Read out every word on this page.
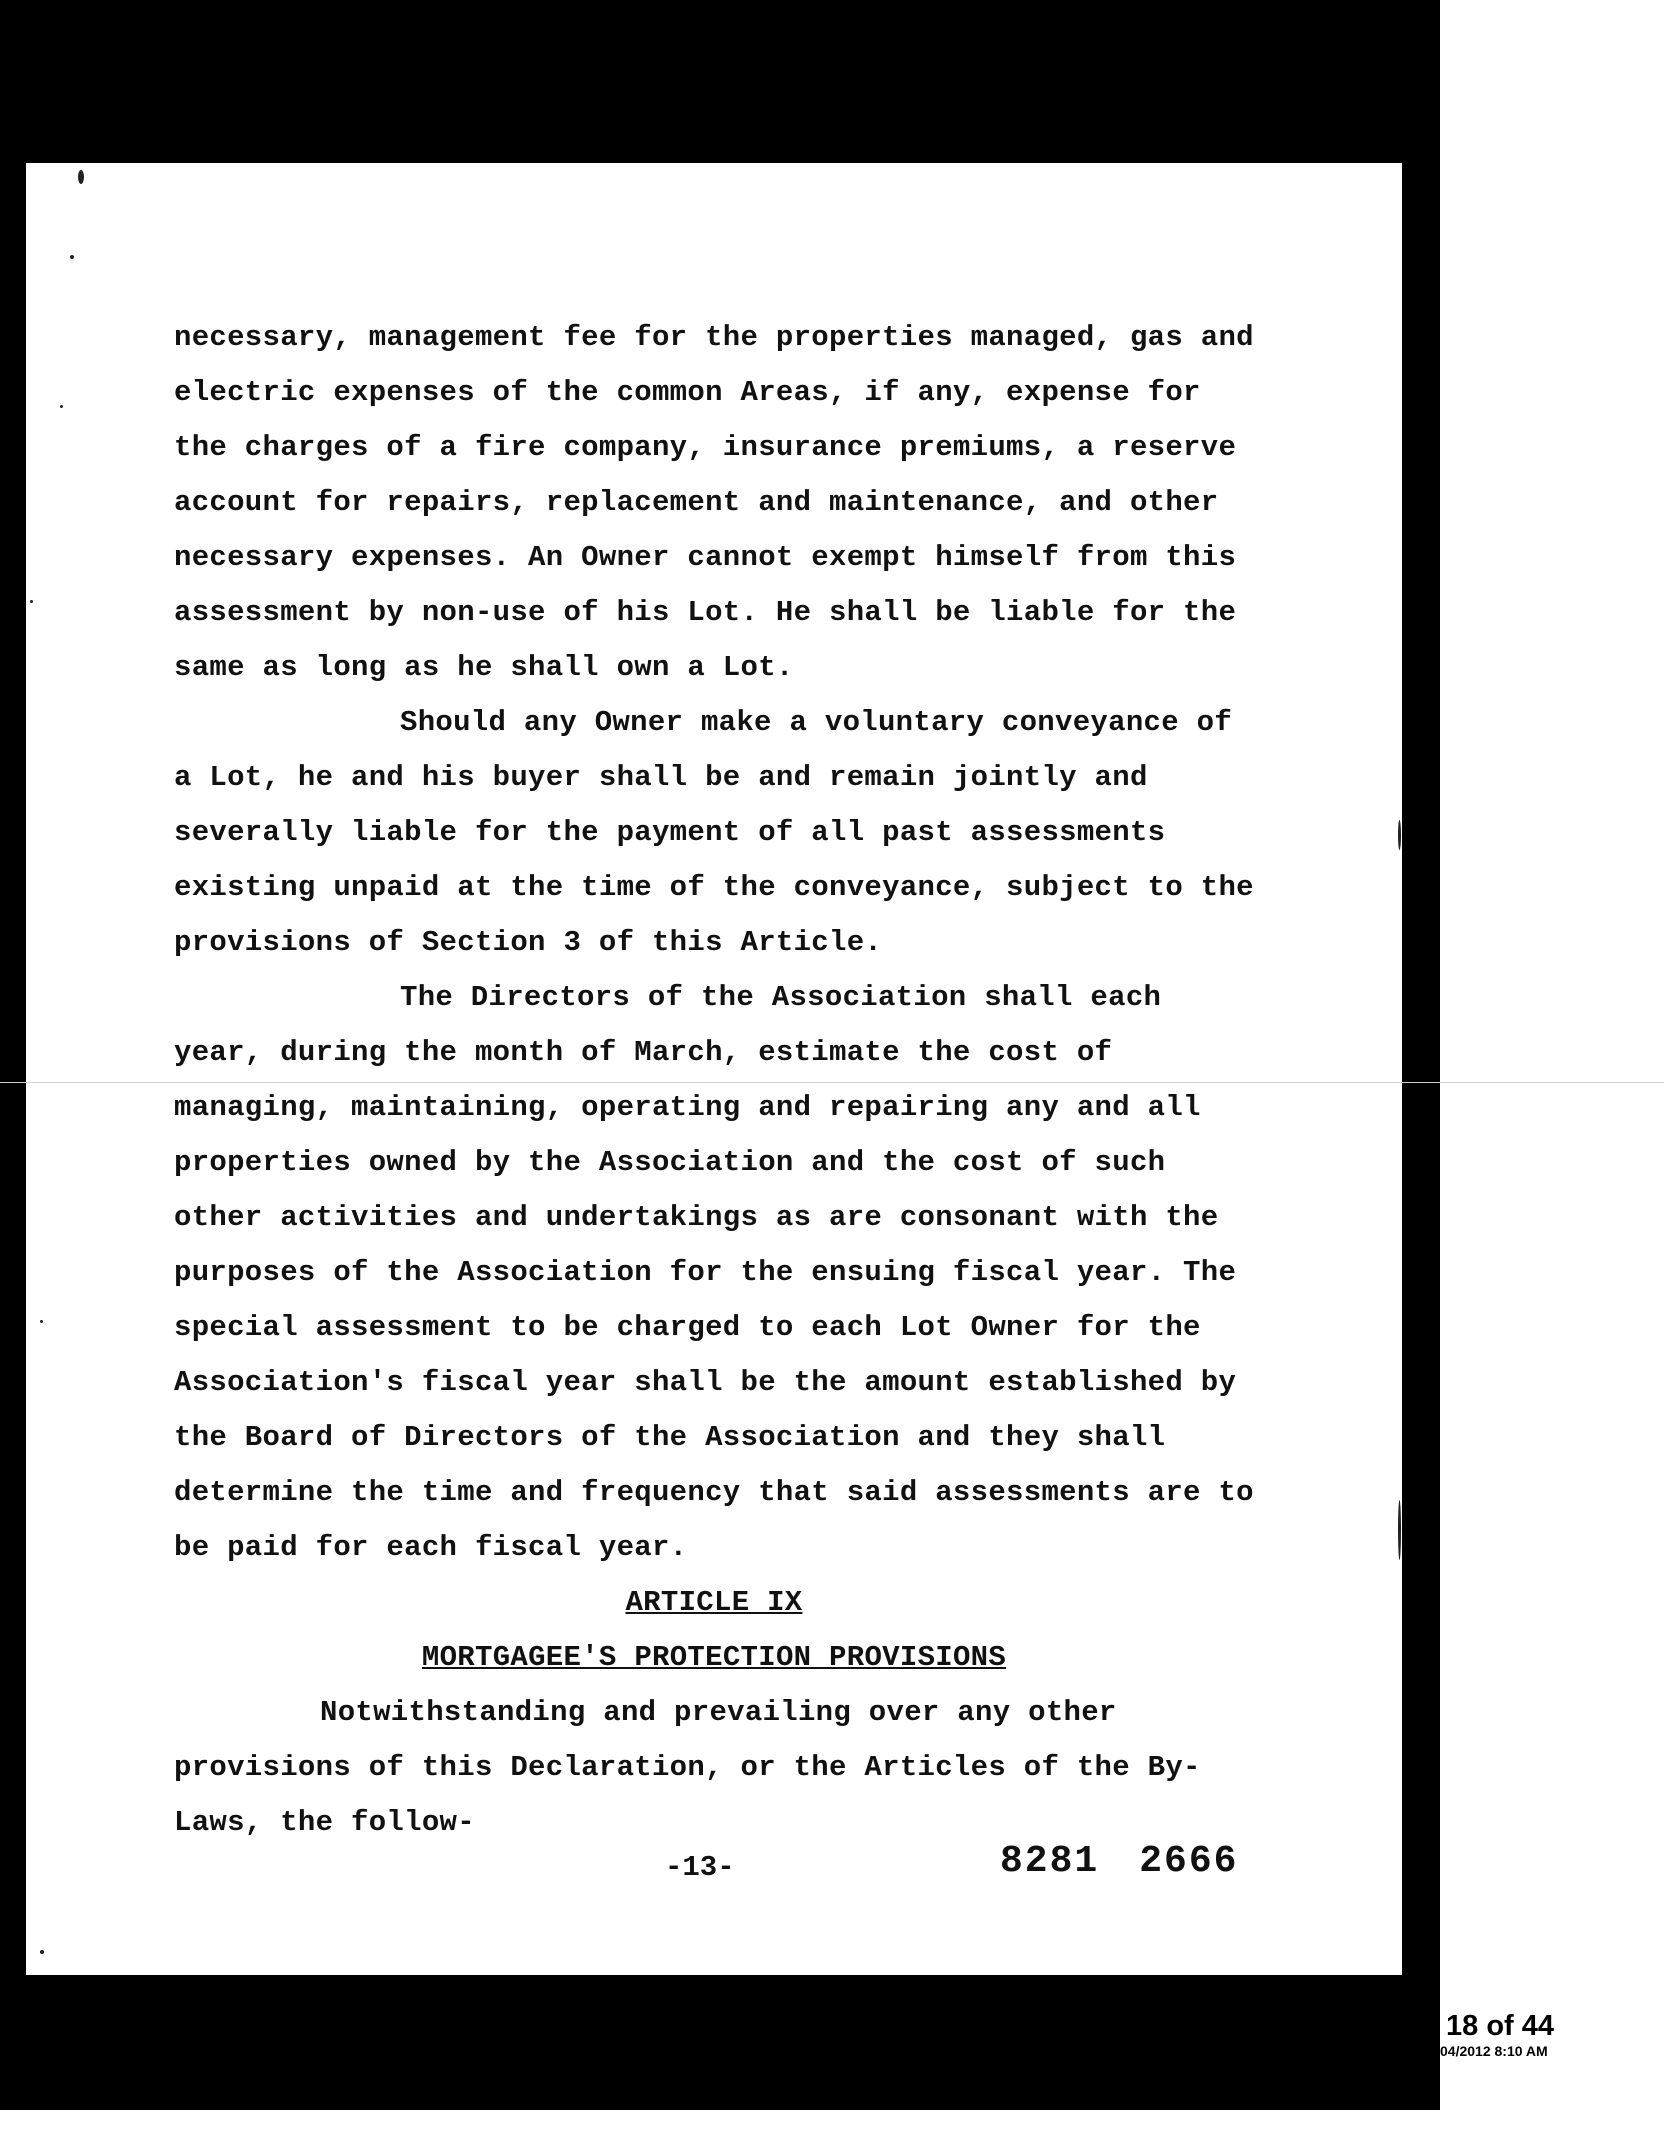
necessary, management fee for the properties managed, gas and electric expenses of the common Areas, if any, expense for the charges of a fire company, insurance premiums, a reserve account for repairs, replacement and maintenance, and other necessary expenses. An Owner cannot exempt himself from this assessment by non-use of his Lot. He shall be liable for the same as long as he shall own a Lot.

Should any Owner make a voluntary conveyance of a Lot, he and his buyer shall be and remain jointly and severally liable for the payment of all past assessments existing unpaid at the time of the conveyance, subject to the provisions of Section 3 of this Article.

The Directors of the Association shall each year, during the month of March, estimate the cost of managing, maintaining, operating and repairing any and all properties owned by the Association and the cost of such other activities and undertakings as are consonant with the purposes of the Association for the ensuing fiscal year. The special assessment to be charged to each Lot Owner for the Association's fiscal year shall be the amount established by the Board of Directors of the Association and they shall determine the time and frequency that said assessments are to be paid for each fiscal year.

ARTICLE IX

MORTGAGEE'S PROTECTION PROVISIONS

Notwithstanding and prevailing over any other provisions of this Declaration, or the Articles of the By-Laws, the follow-

-13-	8281 2666
18 of 44
04/2012 8:10 AM
